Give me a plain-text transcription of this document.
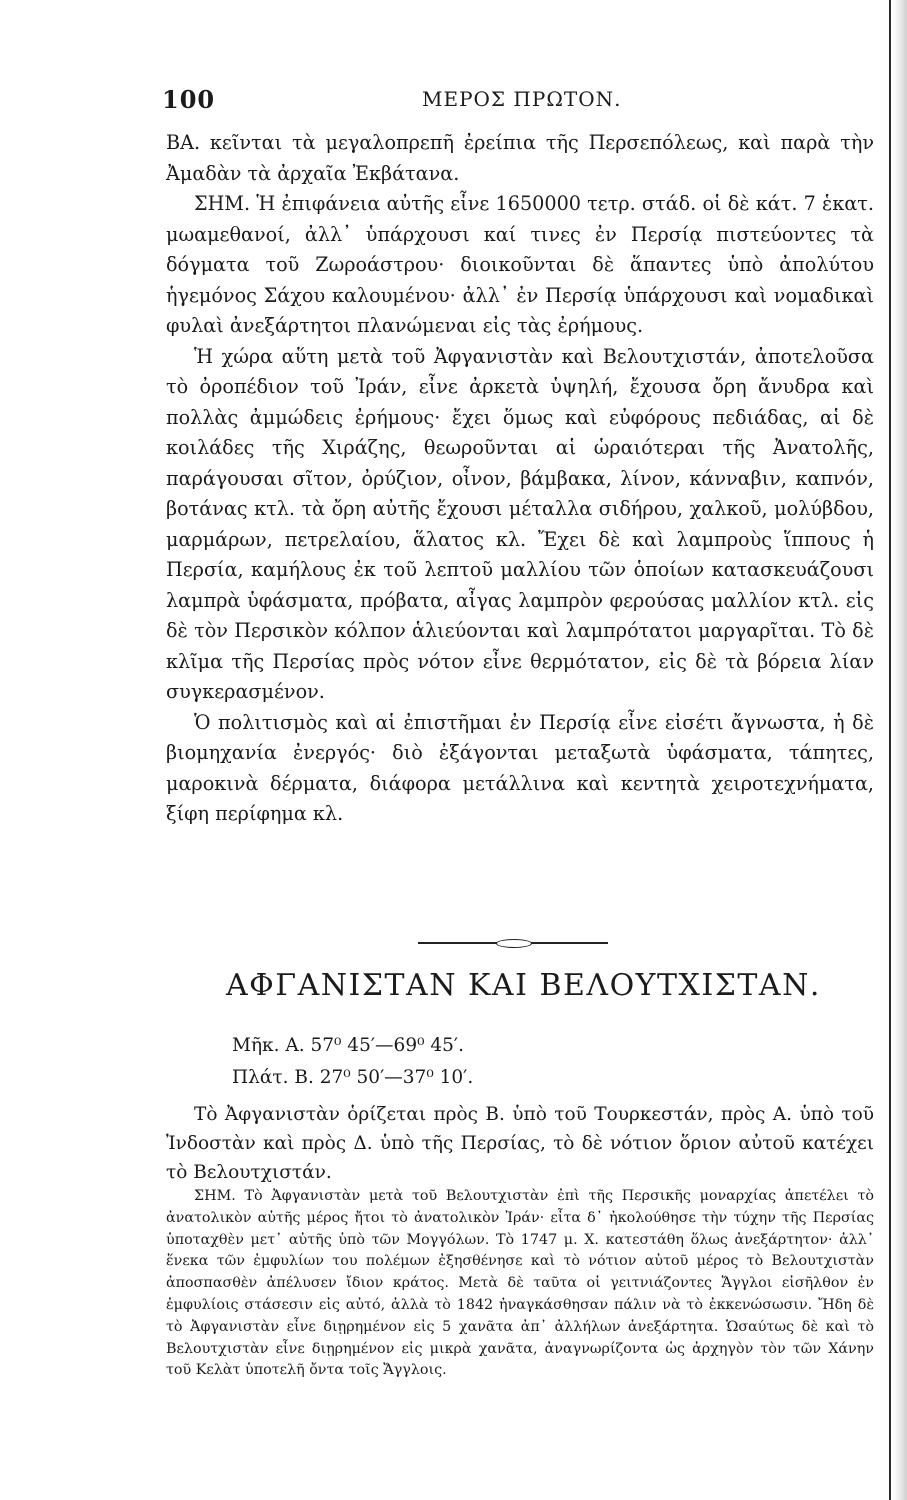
100	ΜΕΡΟΣ ΠΡΩΤΟΝ.

ΒΑ. κεῖνται τὰ μεγαλοπρεπῆ ἐρείπια τῆς Περσεπόλεως, καὶ παρὰ τὴν Ἀμαδὰν τὰ ἀρχαῖα Ἐκβάτανα.

ΣΗΜ. Ἡ ἐπιφάνεια αὐτῆς εἶνε 1650000 τετρ. στάδ. οἱ δὲ κάτ. 7 ἑκατ. μωαμεθανοί, ἀλλ᾽ ὑπάρχουσι καί τινες ἐν Περσίᾳ πιστεύοντες τὰ δόγματα τοῦ Ζωροάστρου· διοικοῦνται δὲ ἅπαντες ὑπὸ ἀπολύτου ἡγεμόνος Σάχου καλουμένου· ἀλλ᾽ ἐν Περσίᾳ ὑπάρχουσι καὶ νομαδικαὶ φυλαὶ ἀνεξάρτητοι πλανώμεναι εἰς τὰς ἐρήμους.

Ἡ χώρα αὕτη μετὰ τοῦ Ἀφγανιστὰν καὶ Βελουτχιστάν, ἀποτελοῦσα τὸ ὀροπέδιον τοῦ Ἰράν, εἶνε ἀρκετὰ ὑψηλή, ἔχουσα ὄρη ἄνυδρα καὶ πολλὰς ἀμμώδεις ἐρήμους· ἔχει ὅμως καὶ εὐφόρους πεδιάδας, αἱ δὲ κοιλάδες τῆς Χιράζης, θεωροῦνται αἱ ὡραιότεραι τῆς Ἀνατολῆς, παράγουσαι σῖτον, ὀρύζιον, οἶνον, βάμβακα, λίνον, κάνναβιν, καπνόν, βοτάνας κτλ. τὰ ὄρη αὐτῆς ἔχουσι μέταλλα σιδήρου, χαλκοῦ, μολύβδου, μαρμάρων, πετρελαίου, ἅλατος κλ. Ἔχει δὲ καὶ λαμπροὺς ἵππους ἡ Περσία, καμήλους ἐκ τοῦ λεπτοῦ μαλλίου τῶν ὁποίων κατασκευάζουσι λαμπρὰ ὑφάσματα, πρόβατα, αἶγας λαμπρὸν φερούσας μαλλίον κτλ. εἰς δὲ τὸν Περσικὸν κόλπον ἁλιεύονται καὶ λαμπρότατοι μαργαρῖται. Τὸ δὲ κλῖμα τῆς Περσίας πρὸς νότον εἶνε θερμότατον, εἰς δὲ τὰ βόρεια λίαν συγκερασμένον.

Ὁ πολιτισμὸς καὶ αἱ ἐπιστῆμαι ἐν Περσίᾳ εἶνε εἰσέτι ἄγνωστα, ἡ δὲ βιομηχανία ἐνεργός· διὸ ἐξάγονται μεταξωτὰ ὑφάσματα, τάπητες, μαροκινὰ δέρματα, διάφορα μετάλλινα καὶ κεντητὰ χειροτεχνήματα, ξίφη περίφημα κλ.

ΑΦΓΑΝΙΣΤΑΝ ΚΑΙ ΒΕΛΟΥΤΧΙΣΤΑΝ.
Μῆκ. Α. 57⁰ 45′—69⁰ 45′.
Πλάτ. Β. 27⁰ 50′—37⁰ 10′.

Τὸ Ἀφγανιστὰν ὁρίζεται πρὸς Β. ὑπὸ τοῦ Τουρκεστάν, πρὸς Α. ὑπὸ τοῦ Ἰνδοστὰν καὶ πρὸς Δ. ὑπὸ τῆς Περσίας, τὸ δὲ νότιον ὅριον αὐτοῦ κατέχει τὸ Βελουτχιστάν.

ΣΗΜ. Τὸ Ἀφγανιστὰν μετὰ τοῦ Βελουτχιστὰν ἐπὶ τῆς Περσικῆς μοναρχίας ἀπετέλει τὸ ἀνατολικὸν αὐτῆς μέρος ἤτοι τὸ ἀνατολικὸν Ἰράν· εἶτα δ᾽ ἠκολούθησε τὴν τύχην τῆς Περσίας ὑποταχθὲν μετ᾽ αὐτῆς ὑπὸ τῶν Μογγόλων. Τὸ 1747 μ. Χ. κατεστάθη ὅλως ἀνεξάρτητον· ἀλλ᾽ ἕνεκα τῶν ἐμφυλίων του πολέμων ἐξησθένησε καὶ τὸ νότιον αὐτοῦ μέρος τὸ Βελουτχιστὰν ἀποσπασθὲν ἀπέλυσεν ἴδιον κράτος. Μετὰ δὲ ταῦτα οἱ γειτνιάζοντες Ἄγγλοι εἰσῆλθον ἐν ἐμφυλίοις στάσεσιν εἰς αὐτό, ἀλλὰ τὸ 1842 ἠναγκάσθησαν πάλιν νὰ τὸ ἐκκενώσωσιν. Ἤδη δὲ τὸ Ἀφγανιστὰν εἶνε διῃρημένον εἰς 5 χανᾶτα ἀπ᾽ ἀλλήλων ἀνεξάρτητα. Ὡσαύτως δὲ καὶ τὸ Βελουτχιστὰν εἶνε διῃρημένον εἰς μικρὰ χανᾶτα, ἀναγνωρίζοντα ὡς ἀρχηγὸν τὸν τῶν Χάνην τοῦ Κελὰτ ὑποτελῆ ὄντα τοῖς Ἄγγλοις.
